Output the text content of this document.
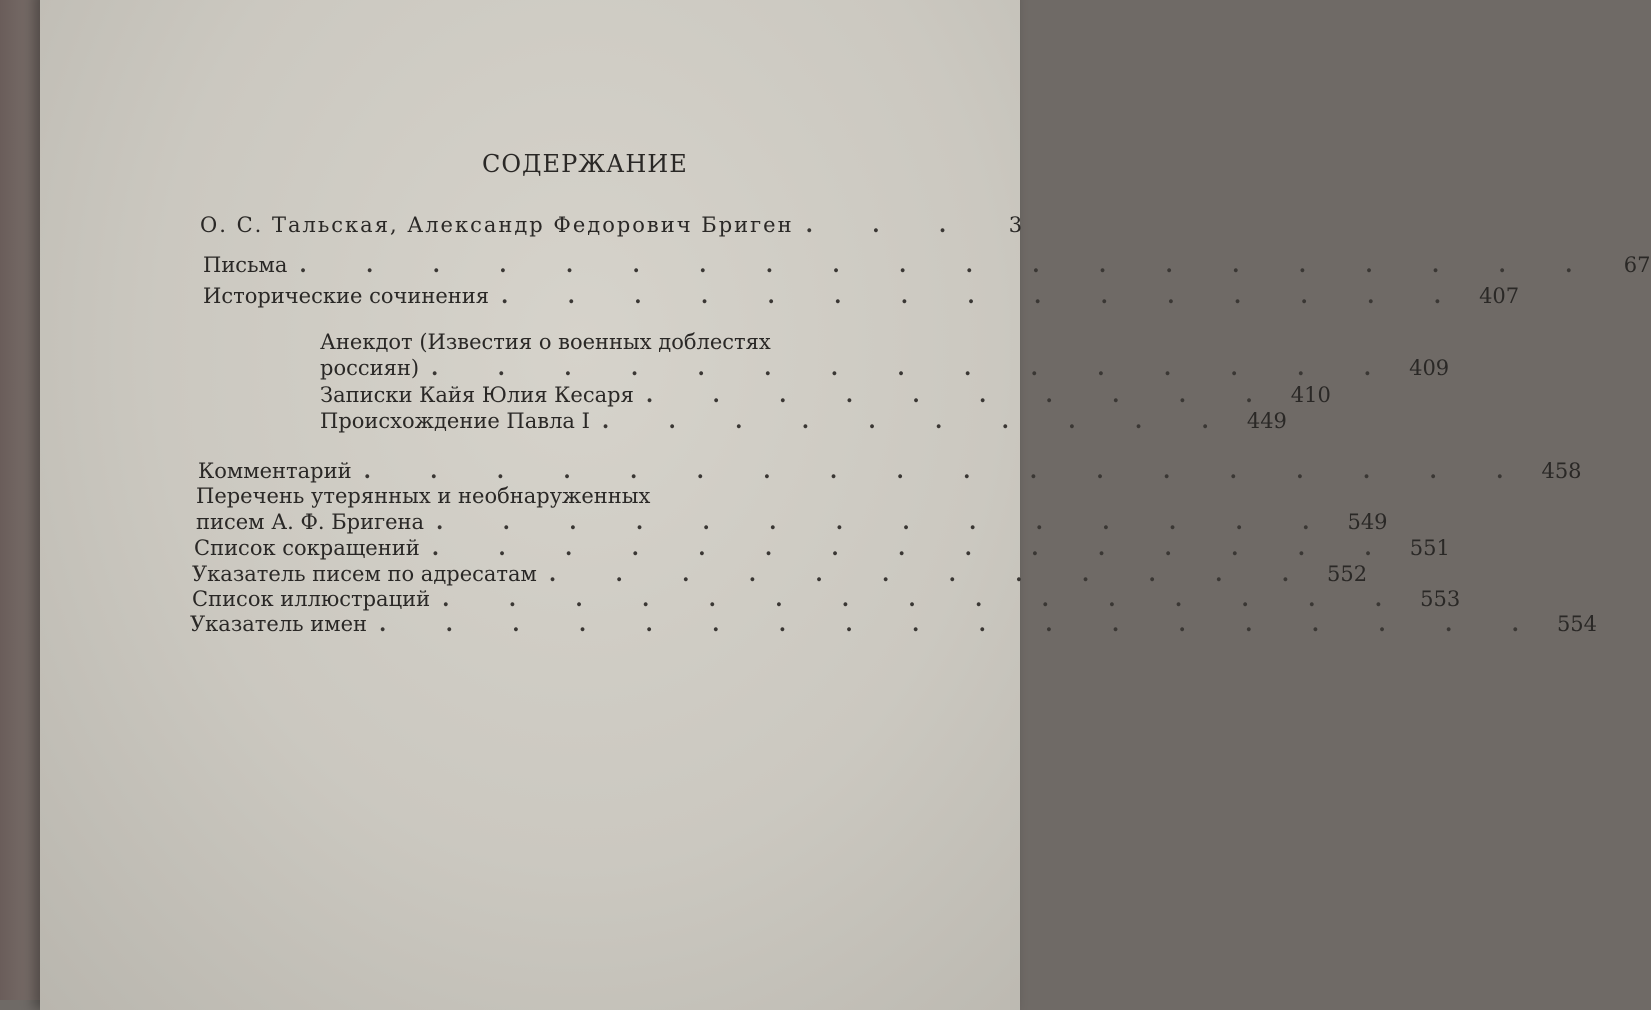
СОДЕРЖАНИЕ
О. С. Тальская, Александр Федорович Бриген . . .	3
Письма . . . . . . . . . . . . . . . . . . . .	67
Исторические сочинения . . . . . . . . . . . . . . . 407
Анекдот (Известия о военных доблестях
россиян) . . . . . . . . . . . . . . . 409
Записки Кайя Юлия Кесаря . . . . . . . . . . 410
Происхождение Павла I . . . . . . . . . . 449
Комментарий . . . . . . . . . . . . . . . . . . 458
Перечень утерянных и необнаруженных
писем А. Ф. Бригена . . . . . . . . . . . . . . 549
Список сокращений . . . . . . . . . . . . . . . 551
Указатель писем по адресатам . . . . . . . . . . . . 552
Список иллюстраций . . . . . . . . . . . . . . . 553
Указатель имен . . . . . . . . . . . . . . . . . . 554
